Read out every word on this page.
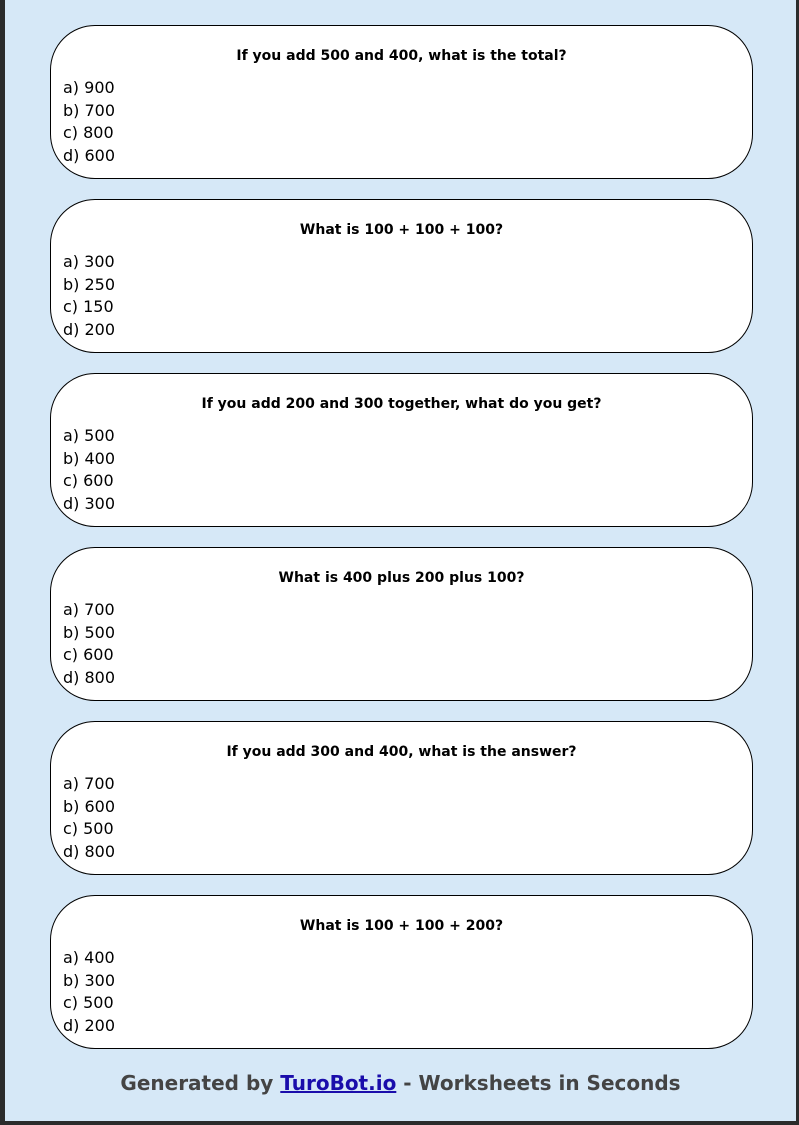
If you add 500 and 400, what is the total?
a) 900
b) 700
c) 800
d) 600
What is 100 + 100 + 100?
a) 300
b) 250
c) 150
d) 200
If you add 200 and 300 together, what do you get?
a) 500
b) 400
c) 600
d) 300
What is 400 plus 200 plus 100?
a) 700
b) 500
c) 600
d) 800
If you add 300 and 400, what is the answer?
a) 700
b) 600
c) 500
d) 800
What is 100 + 100 + 200?
a) 400
b) 300
c) 500
d) 200
Generated by TuroBot.io - Worksheets in Seconds
